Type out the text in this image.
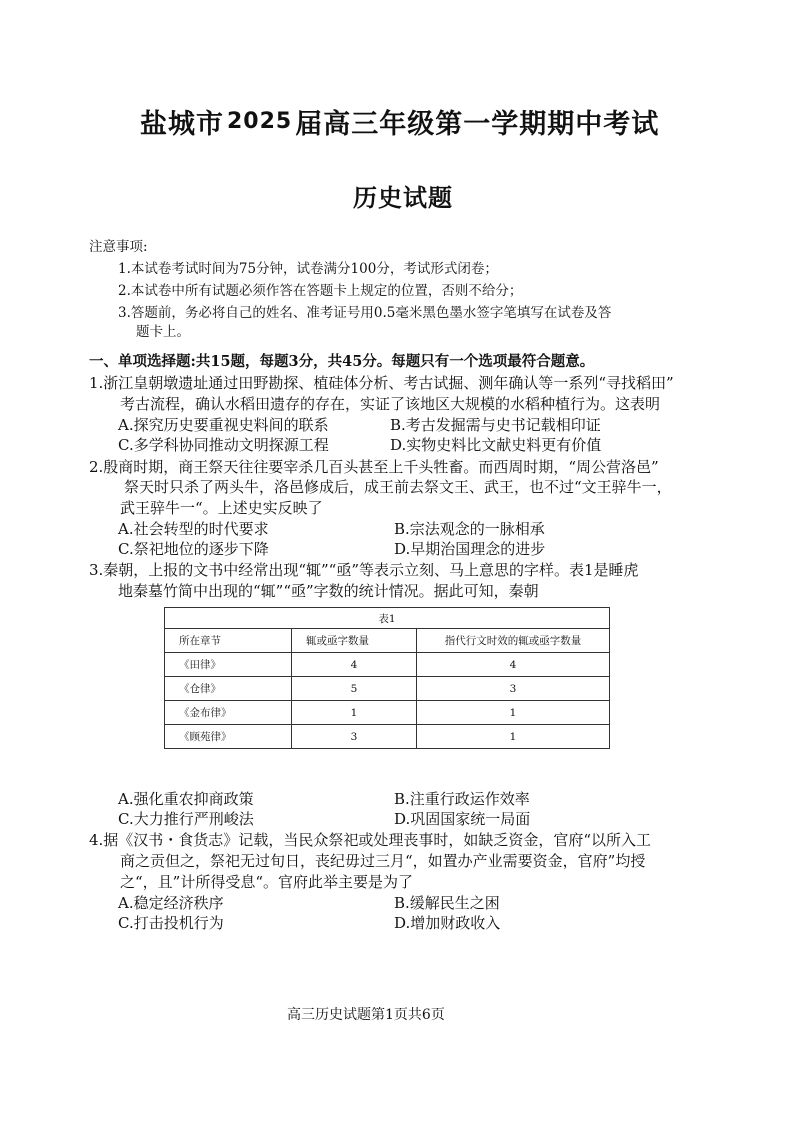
盐城市 2025 届高三年级第一学期期中考试
历史试题
注意事项:
1.本试卷考试时间为75分钟，试卷满分100分，考试形式闭卷；
2.本试卷中所有试题必须作答在答题卡上规定的位置，否则不给分；
3.答题前，务必将自己的姓名、准考证号用0.5毫米黑色墨水签字笔填写在试卷及答
题卡上。
一、单项选择题:共15题，每题3分，共45分。每题只有一个选项最符合题意。
1.浙江皇朝墩遗址通过田野勘探、植硅体分析、考古试掘、测年确认等一系列“寻找稻田”
考古流程，确认水稻田遗存的存在，实证了该地区大规模的水稻种植行为。这表明
A.探究历史要重视史料间的联系	B.考古发掘需与史书记载相印证
C.多学科协同推动文明探源工程	D.实物史料比文献史料更有价值
2.殷商时期，商王祭天往往要宰杀几百头甚至上千头牲畜。而西周时期，“周公营洛邑”
祭天时只杀了两头牛，洛邑修成后，成王前去祭文王、武王，也不过“文王骍牛一，
武王骍牛一“。上述史实反映了
A.社会转型的时代要求	B.宗法观念的一脉相承
C.祭祀地位的逐步下降	D.早期治国理念的进步
3.秦朝，上报的文书中经常出现“辄”“亟”等表示立刻、马上意思的字样。表1是睡虎
地秦墓竹简中出现的“辄”“亟”字数的统计情况。据此可知，秦朝
表1		
所在章节	辄或亟字数量	指代行文时效的辄或亟字数量
《田律》	4	4
《仓律》	5	3
《金布律》	1	1
《顾苑律》	3	1
A.强化重农抑商政策	B.注重行政运作效率
C.大力推行严刑峻法	D.巩固国家统一局面
4.据《汉书・食货志》记载，当民众祭祀或处理丧事时，如缺乏资金，官府“以所入工
商之贡但之，祭祀无过旬日，丧纪毋过三月“，如置办产业需要资金，官府”均授
之“，且”计所得受息“。官府此举主要是为了
A.稳定经济秩序	B.缓解民生之困
C.打击投机行为	D.增加财政收入
高三历史试题第1页共6页
